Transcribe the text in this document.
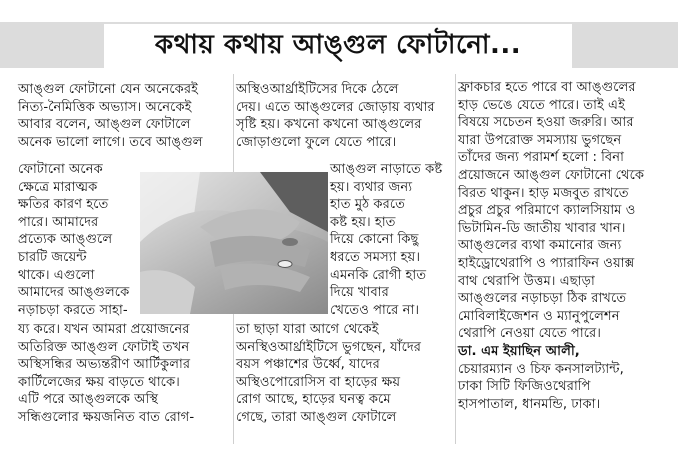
কথায় কথায় আঙ্গুল ফোটানো...
আঙ্গুল ফোটানো যেন অনেকেরই
নিত্য-নৈমিত্তিক অভ্যাস। অনেকেই
আবার বলেন, আঙ্গুল ফোটালে
অনেক ভালো লাগে। তবে আঙ্গুল
ফোটানো অনেক
ক্ষেত্রে মারাত্মক
ক্ষতির কারণ হতে
পারে। আমাদের
প্রত্যেক আঙ্গুলে
চারটি জয়েন্ট
থাকে। এগুলো
আমাদের আঙ্গুলকে
নড়াচড়া করতে সাহা-
য্য করে। যখন আমরা প্রয়োজনের
অতিরিক্ত আঙ্গুল ফোটাই তখন
অস্থিসন্ধির অভ্যন্তরীণ আর্টিকুলার
কার্টিলেজের ক্ষয় বাড়তে থাকে।
এটি পরে আঙ্গুলকে অস্থি
সন্ধিগুলোর ক্ষয়জনিত বাত রোগ-
অস্থিওআর্থ্রাইটিসের দিকে ঠেলে
দেয়। এতে আঙ্গুলের জোড়ায় ব্যথার
সৃষ্টি হয়। কখনো কখনো আঙ্গুলের
জোড়াগুলো ফুলে যেতে পারে।
আঙ্গুল নাড়াতে কষ্ট
হয়। ব্যথার জন্য
হাত মুঠ করতে
কষ্ট হয়। হাত
দিয়ে কোনো কিছু
ধরতে সমস্যা হয়।
এমনকি রোগী হাত
দিয়ে খাবার
খেতেও পারে না।
তা ছাড়া যারা আগে থেকেই
অনস্থিওআর্থ্রাইটিসে ভুগছেন, যাঁদের
বয়স পঞ্চাশের উর্ধ্বে, যাদের
অস্থিওপোরোসিস বা হাড়ের ক্ষয়
রোগ আছে, হাড়ের ঘনত্ব কমে
গেছে, তারা আঙ্গুল ফোটালে
ফ্রাকচার হতে পারে বা আঙ্গুলের
হাড় ভেঙে যেতে পারে। তাই এই
বিষয়ে সচেতন হওয়া জরুরি। আর
যারা উপরোক্ত সমস্যায় ভুগছেন
তাঁদের জন্য পরামর্শ হলো : বিনা
প্রয়োজনে আঙ্গুল ফোটানো থেকে
বিরত থাকুন। হাড় মজবুত রাখতে
প্রচুর প্রচুর পরিমাণে ক্যালসিয়াম ও
ভিটামিন-ডি জাতীয় খাবার খান।
আঙ্গুলের ব্যথা কমানোর জন্য
হাইড্রোথেরাপি ও প্যারাফিন ওয়াক্স
বাথ থেরাপি উত্তম। এছাড়া
আঙ্গুলের নড়াচড়া ঠিক রাখতে
মোবিলাইজেশন ও ম্যানুপুলেশন
থেরাপি নেওয়া যেতে পারে।
ডা. এম ইয়াছিন আলী,
চেয়ারম্যান ও চিফ কনসালট্যান্ট,
ঢাকা সিটি ফিজিওথেরাপি
হাসপাতাল, ধানমন্ডি, ঢাকা।
